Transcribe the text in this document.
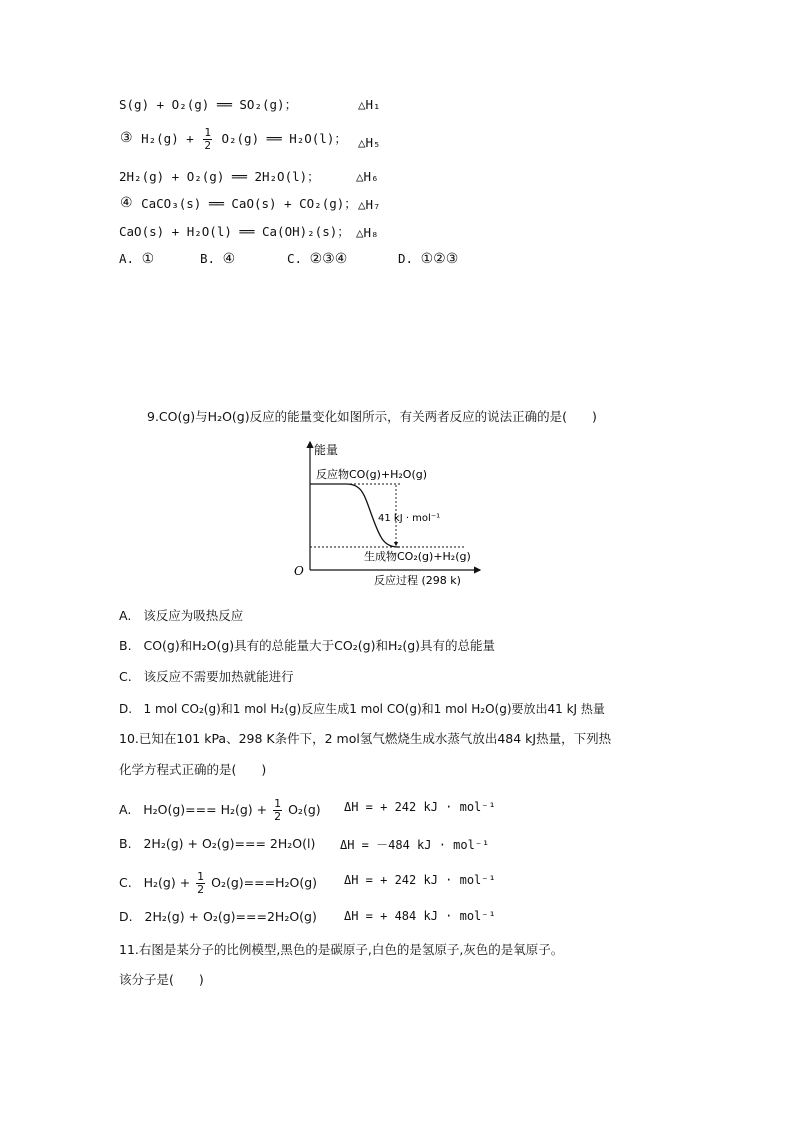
S(g) + O₂(g) ══ SO₂(g)；	△H₁
③ $H_2(g) + \frac{1}{2} O_2(g)$ ══ H₂O(l)； △H₅
2H₂(g) + O₂(g) ══ 2H₂O(l)；	△H₆
④ CaCO₃(s) ══ CaO(s) + CO₂(g)； △H₇
CaO(s) + H₂O(l) ══ Ca(OH)₂(s)； △H₈
A. ①	B. ④	C. ②③④	D. ①②③
9.CO(g)与H₂O(g)反应的能量变化如图所示，有关两者反应的说法正确的是(　　)
能量
O
反应过程 (298 k)
反应物CO(g)+H₂O(g)
生成物CO₂(g)+H₂(g)
41 kJ · mol⁻¹
A. 该反应为吸热反应
B. CO(g)和H₂O(g)具有的总能量大于CO₂(g)和H₂(g)具有的总能量
C. 该反应不需要加热就能进行
D. 1 mol CO₂(g)和1 mol H₂(g)反应生成1 mol CO(g)和1 mol H₂O(g)要放出41 kJ 热量
10.已知在101 kPa、298 K条件下，2 mol氢气燃烧生成水蒸气放出484 kJ热量，下列热
化学方程式正确的是(　　)
A. $H_2O(g)=== H_2(g) + \frac{1}{2} O_2(g) \Delta H$ = + 242 kJ · mol⁻¹
B. 2H₂(g) + O₂(g)=== 2H₂O(l) ΔH = －484 kJ · mol⁻¹
C. $H_2(g) + \frac{1}{2} O_2(g)===H_2O(g) \Delta H$ = + 242 kJ · mol⁻¹
D. 2H₂(g) + O₂(g)===2H₂O(g) ΔH = + 484 kJ · mol⁻¹
11.右图是某分子的比例模型,黑色的是碳原子,白色的是氢原子,灰色的是氧原子。
该分子是(　　)
